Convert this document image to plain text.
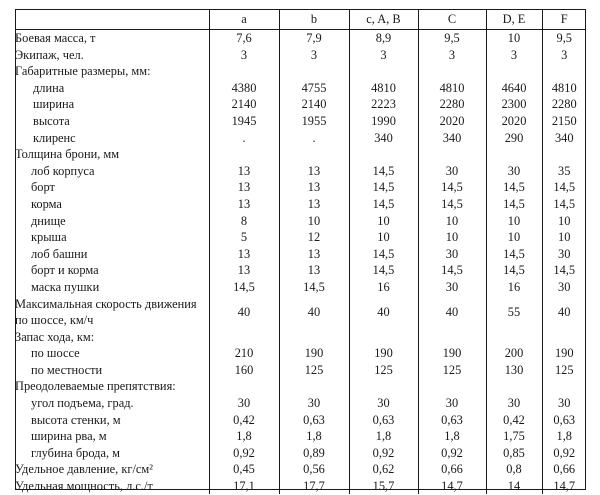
	a	b	c, A, B	C	D, E	F
Боевая масса, т	7,6	7,9	8,9	9,5	10	9,5
Экипаж, чел.	3	3	3	3	3	3
Габаритные размеры, мм:						
длина	4380	4755	4810	4810	4640	4810
ширина	2140	2140	2223	2280	2300	2280
высота	1945	1955	1990	2020	2020	2150
клиренс	.	.	340	340	290	340
Толщина брони, мм						
лоб корпуса	13	13	14,5	30	30	35
борт	13	13	14,5	14,5	14,5	14,5
корма	13	13	14,5	14,5	14,5	14,5
днище	8	10	10	10	10	10
крыша	5	12	10	10	10	10
лоб башни	13	13	14,5	30	14,5	30
борт и корма	13	13	14,5	14,5	14,5	14,5
маска пушки	14,5	14,5	16	30	16	30
Максимальная скорость движения по шоссе, км/ч	40	40	40	40	55	40
Запас хода, км:						
по шоссе	210	190	190	190	200	190
по местности	160	125	125	125	130	125
Преодолеваемые препятствия:						
угол подъема, град.	30	30	30	30	30	30
высота стенки, м	0,42	0,63	0,63	0,63	0,42	0,63
ширина рва, м	1,8	1,8	1,8	1,8	1,75	1,8
глубина брода, м	0,92	0,89	0,92	0,92	0,85	0,92
Удельное давление, кг/см²	0,45	0,56	0,62	0,66	0,8	0,66
Удельная мощность, л.с./т	17,1	17,7	15,7	14,7	14	14,7
